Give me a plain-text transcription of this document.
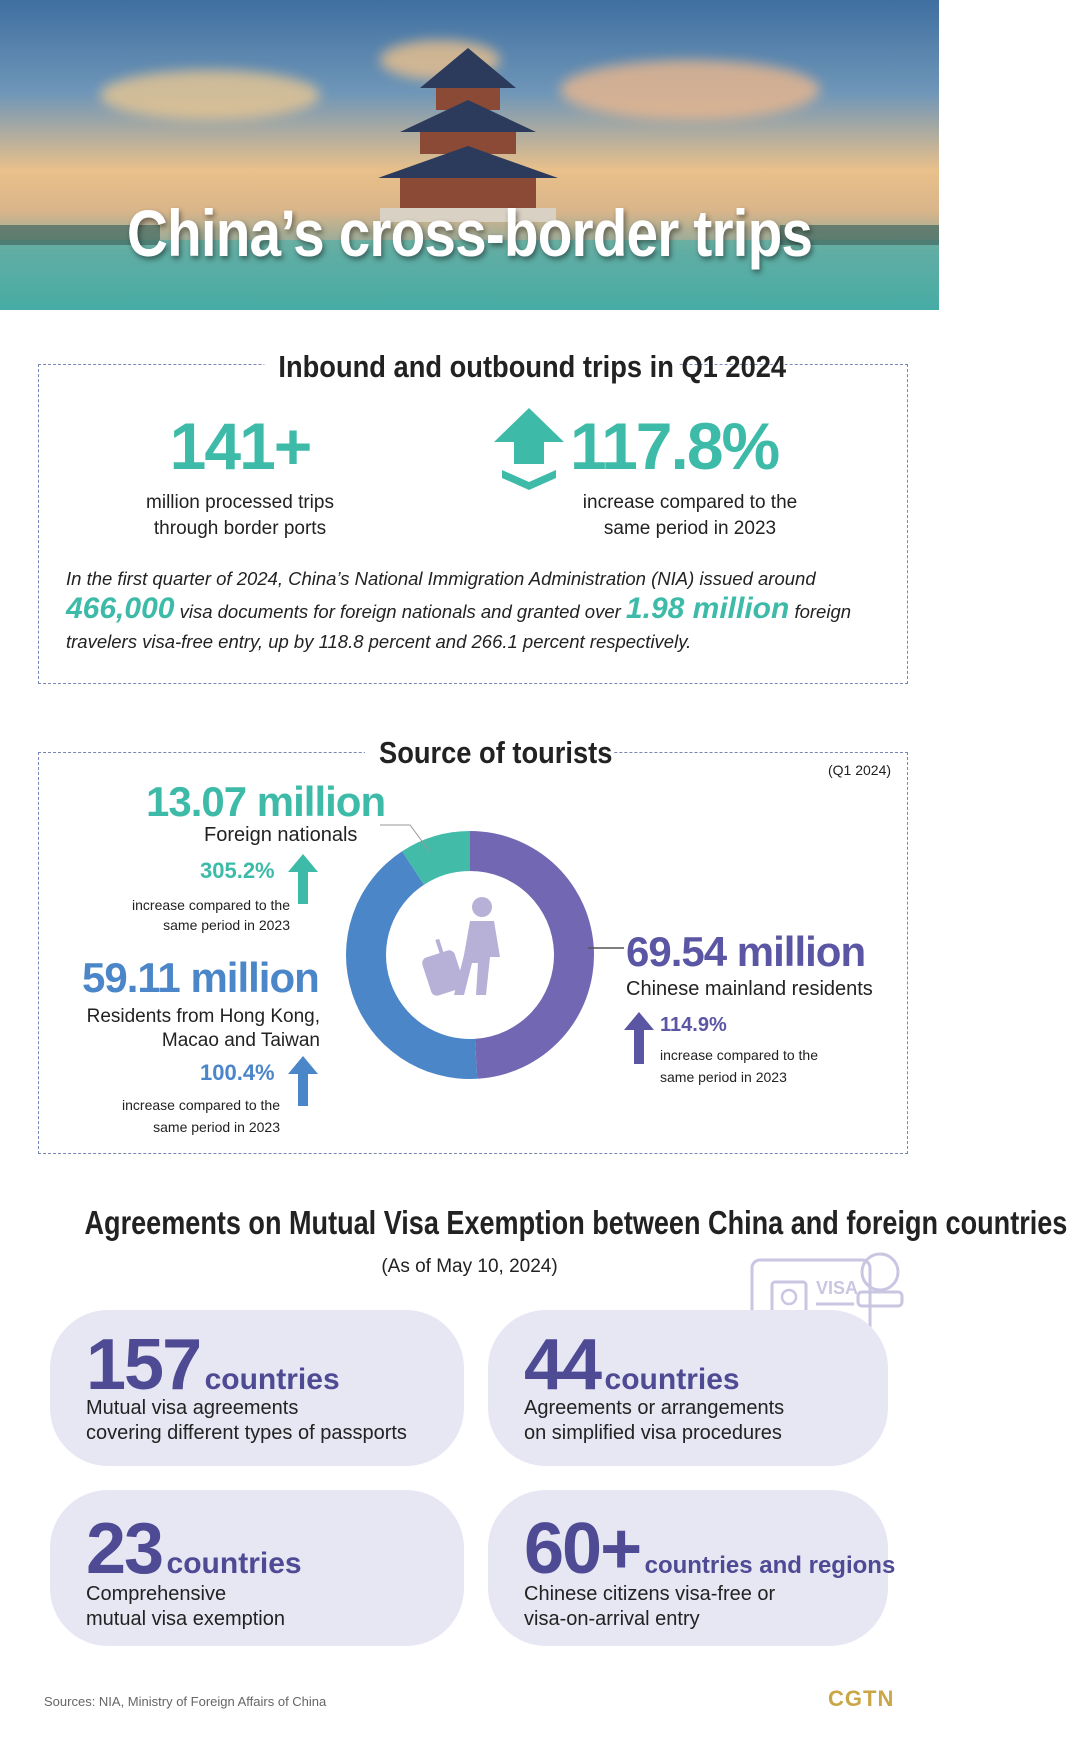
China’s cross-border trips
Inbound and outbound trips in Q1 2024
141+
million processed trips
through border ports
117.8%
increase compared to the
same period in 2023
In the first quarter of 2024, China’s National Immigration Administration (NIA) issued around
466,000 visa documents for foreign nationals and granted over 1.98 million foreign
travelers visa-free entry, up by 118.8 percent and 266.1 percent respectively.
Source of tourists	(Q1 2024)
13.07 million
Foreign nationals
305.2%
increase compared to the
same period in 2023
59.11 million
Residents from Hong Kong,
Macao and Taiwan
100.4%
increase compared to the
same period in 2023
69.54 million
Chinese mainland residents
114.9%
increase compared to the
same period in 2023
Agreements on Mutual Visa Exemption between China and foreign countries
(As of May 10, 2024)
VISA
157 countries
Mutual visa agreements
covering different types of passports
44 countries
Agreements or arrangements
on simplified visa procedures
23 countries
Comprehensive
mutual visa exemption
60+ countries and regions
Chinese citizens visa-free or
visa-on-arrival entry
Sources: NIA, Ministry of Foreign Affairs of China	CGTN
